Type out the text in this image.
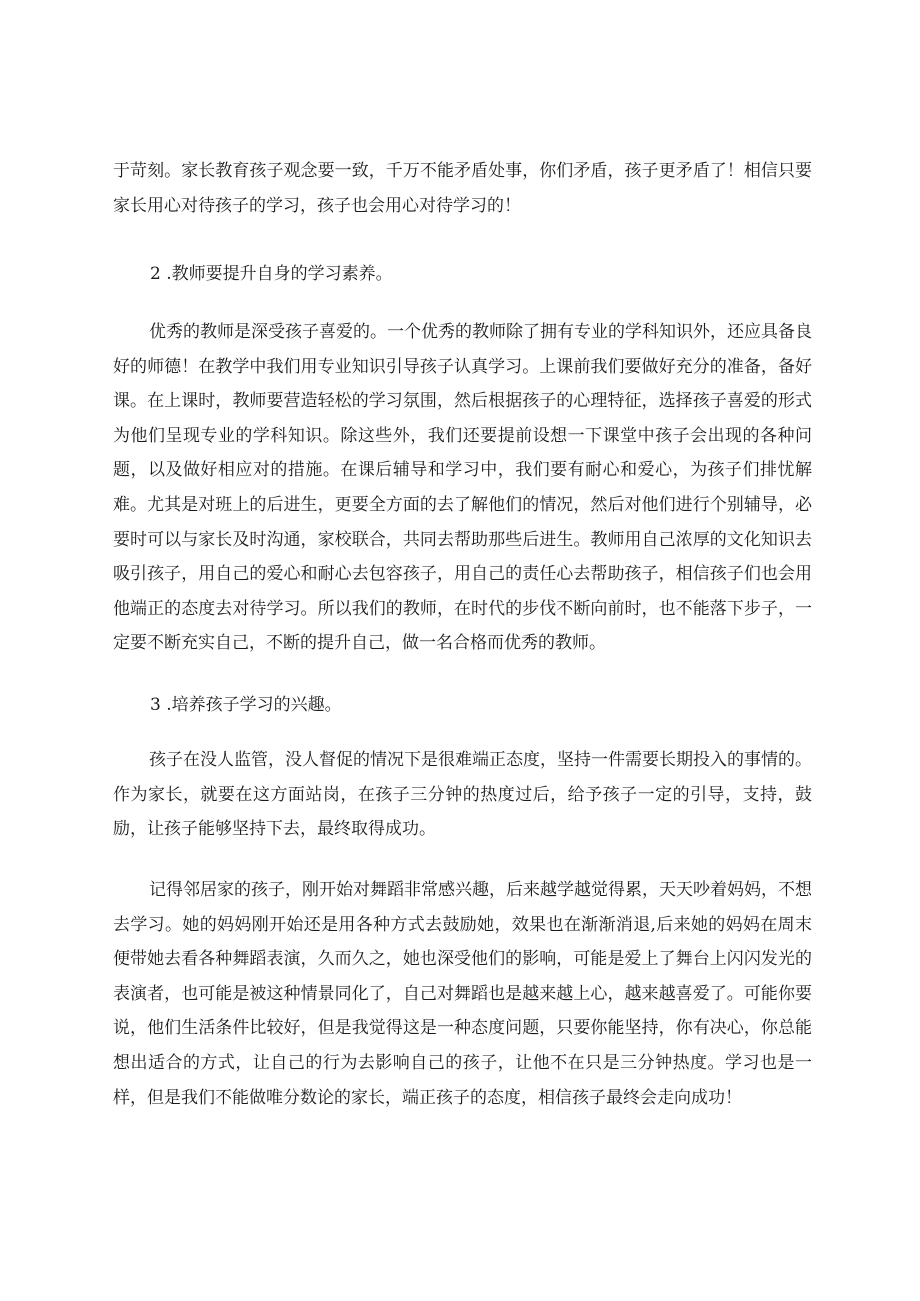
于苛刻。家长教育孩子观念要一致，千万不能矛盾处事，你们矛盾，孩子更矛盾了！相信只要家长用心对待孩子的学习，孩子也会用心对待学习的！

2 .教师要提升自身的学习素养。

优秀的教师是深受孩子喜爱的。一个优秀的教师除了拥有专业的学科知识外，还应具备良好的师德！在教学中我们用专业知识引导孩子认真学习。上课前我们要做好充分的准备，备好课。在上课时，教师要营造轻松的学习氛围，然后根据孩子的心理特征，选择孩子喜爱的形式为他们呈现专业的学科知识。除这些外，我们还要提前设想一下课堂中孩子会出现的各种问题，以及做好相应对的措施。在课后辅导和学习中，我们要有耐心和爱心，为孩子们排忧解难。尤其是对班上的后进生，更要全方面的去了解他们的情况，然后对他们进行个别辅导，必要时可以与家长及时沟通，家校联合，共同去帮助那些后进生。教师用自己浓厚的文化知识去吸引孩子，用自己的爱心和耐心去包容孩子，用自己的责任心去帮助孩子，相信孩子们也会用他端正的态度去对待学习。所以我们的教师，在时代的步伐不断向前时，也不能落下步子，一定要不断充实自己，不断的提升自己，做一名合格而优秀的教师。

3 .培养孩子学习的兴趣。

孩子在没人监管，没人督促的情况下是很难端正态度，坚持一件需要长期投入的事情的。作为家长，就要在这方面站岗，在孩子三分钟的热度过后，给予孩子一定的引导，支持，鼓励，让孩子能够坚持下去，最终取得成功。

记得邻居家的孩子，刚开始对舞蹈非常感兴趣，后来越学越觉得累，天天吵着妈妈，不想去学习。她的妈妈刚开始还是用各种方式去鼓励她，效果也在渐渐消退,后来她的妈妈在周末便带她去看各种舞蹈表演，久而久之，她也深受他们的影响，可能是爱上了舞台上闪闪发光的表演者，也可能是被这种情景同化了，自己对舞蹈也是越来越上心，越来越喜爱了。可能你要说，他们生活条件比较好，但是我觉得这是一种态度问题，只要你能坚持，你有决心，你总能想出适合的方式，让自己的行为去影响自己的孩子，让他不在只是三分钟热度。学习也是一样，但是我们不能做唯分数论的家长，端正孩子的态度，相信孩子最终会走向成功！
